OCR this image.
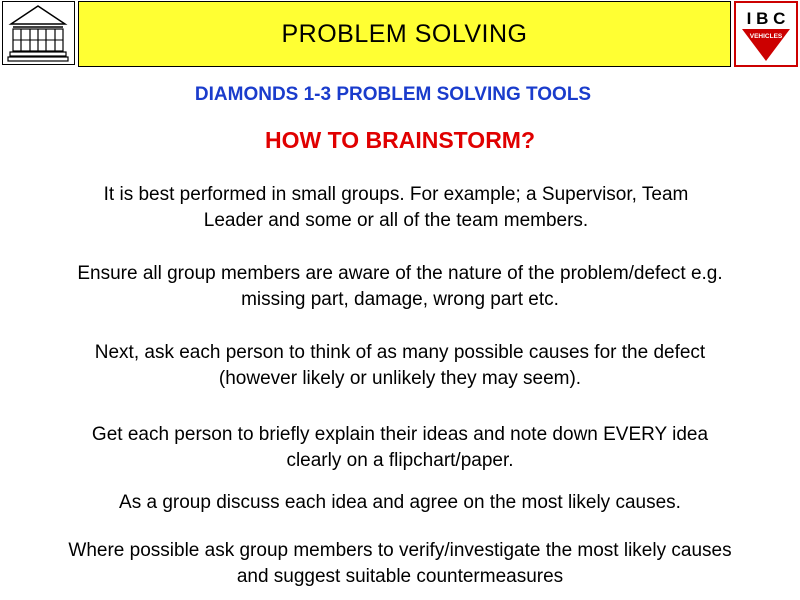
PROBLEM SOLVING
I B C
VEHICLES
DIAMONDS 1-3 PROBLEM SOLVING TOOLS
HOW TO BRAINSTORM?
It is best performed in small groups. For example; a Supervisor, Team
Leader and some or all of the team members.
Ensure all group members are aware of the nature of the problem/defect e.g.
missing part, damage, wrong part etc.
Next, ask each person to think of as many possible causes for the defect
(however likely or unlikely they may seem).
Get each person to briefly explain their ideas and note down EVERY idea
clearly on a flipchart/paper.
As a group discuss each idea and agree on the most likely causes.
Where possible ask group members to verify/investigate the most likely causes
and suggest suitable countermeasures
